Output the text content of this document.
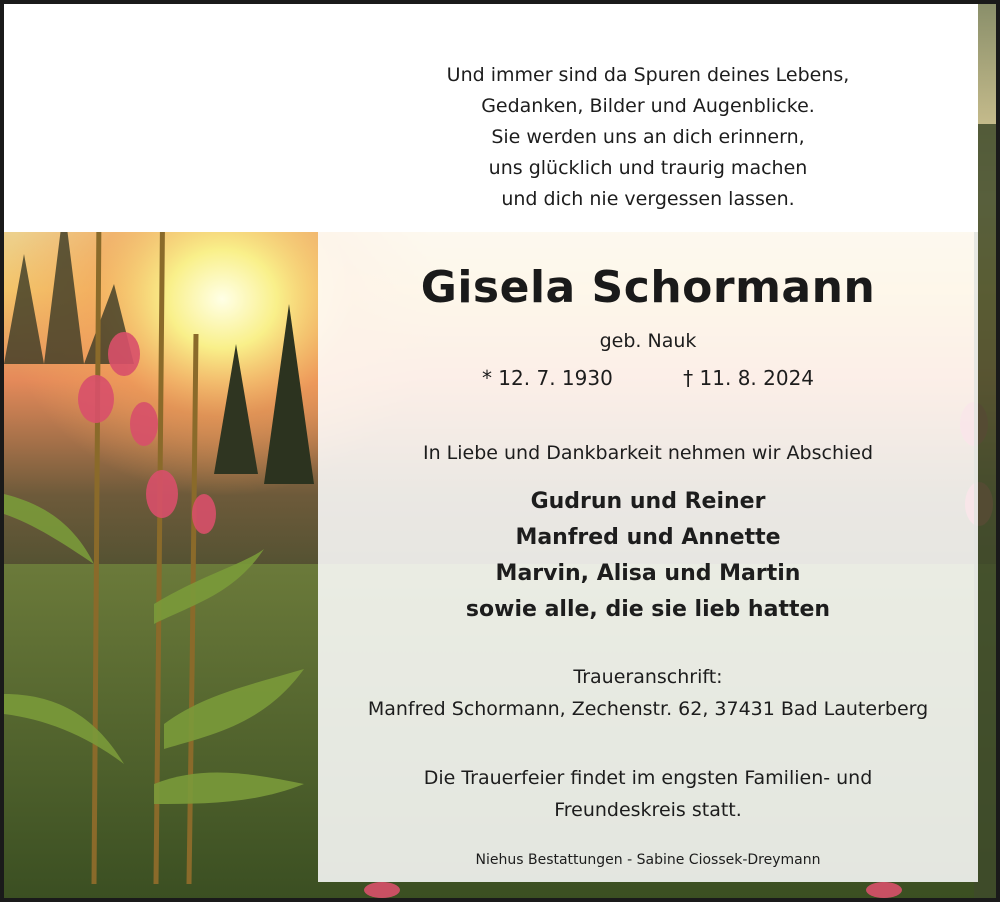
Und immer sind da Spuren deines Lebens,
Gedanken, Bilder und Augenblicke.
Sie werden uns an dich erinnern,
uns glücklich und traurig machen
und dich nie vergessen lassen.
Gisela Schormann
geb. Nauk
* 12. 7. 1930	† 11. 8. 2024
In Liebe und Dankbarkeit nehmen wir Abschied
Gudrun und Reiner
Manfred und Annette
Marvin, Alisa und Martin
sowie alle, die sie lieb hatten
Traueranschrift:
Manfred Schormann, Zechenstr. 62, 37431 Bad Lauterberg
Die Trauerfeier findet im engsten Familien- und
Freundeskreis statt.
Niehus Bestattungen - Sabine Ciossek-Dreymann
